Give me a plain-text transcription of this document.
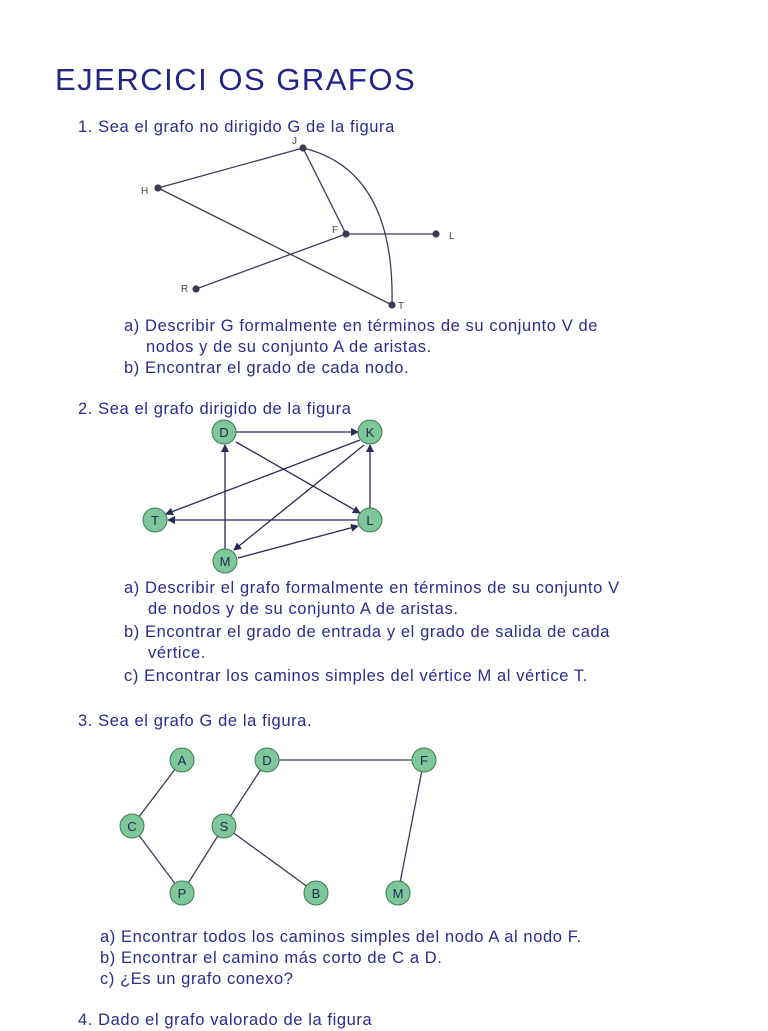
EJERCICI OS GRAFOS
1. Sea el grafo no dirigido G de la figura
J
H
F
L
R
T
a) Describir G formalmente en términos de su conjunto V de
nodos y de su conjunto A de aristas.
b) Encontrar el grado de cada nodo.
2. Sea el grafo dirigido de la figura
D	K
T	L
M
a) Describir el grafo formalmente en términos de su conjunto V
de nodos y de su conjunto A de aristas.
b) Encontrar el grado de entrada y el grado de salida de cada
vértice.
c) Encontrar los caminos simples del vértice M al vértice T.
3. Sea el grafo G de la figura.
A	D	F
C	S
P	B	M
a) Encontrar todos los caminos simples del nodo A al nodo F.
b) Encontrar el camino más corto de C a D.
c) ¿Es un grafo conexo?
4. Dado el grafo valorado de la figura
